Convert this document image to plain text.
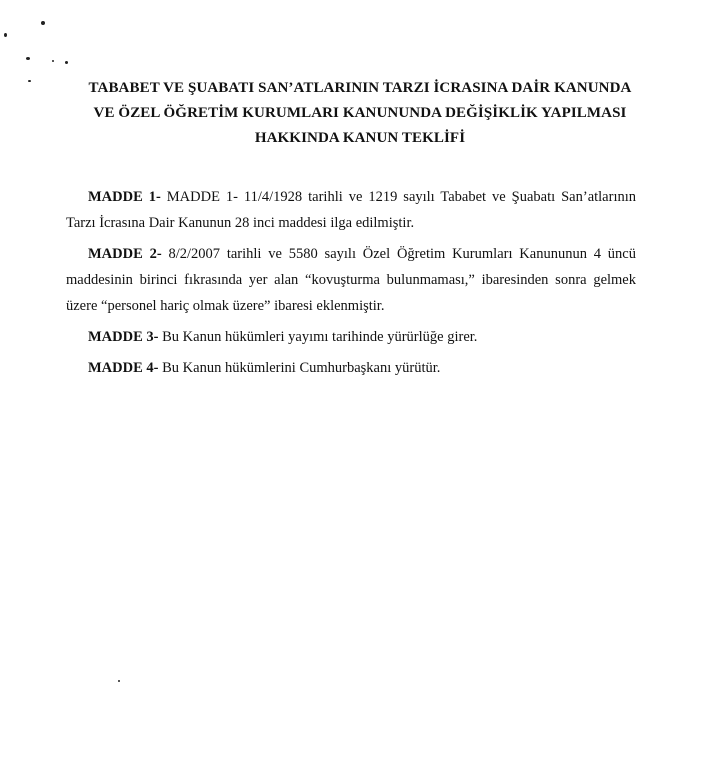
TABABET VE ŞUABATI SAN’ATLARININ TARZI İCRASINA DAİR KANUNDA
VE ÖZEL ÖĞRETİM KURUMLARI KANUNUNDA DEĞİŞİKLİK YAPILMASI
HAKKINDA KANUN TEKLİFİ

MADDE 1- MADDE 1- 11/4/1928 tarihli ve 1219 sayılı Tababet ve Şuabatı San’atlarının Tarzı İcrasına Dair Kanunun 28 inci maddesi ilga edilmiştir.

MADDE 2- 8/2/2007 tarihli ve 5580 sayılı Özel Öğretim Kurumları Kanununun 4 üncü maddesinin birinci fıkrasında yer alan “kovuşturma bulunmaması,” ibaresinden sonra gelmek üzere “personel hariç olmak üzere” ibaresi eklenmiştir.

MADDE 3- Bu Kanun hükümleri yayımı tarihinde yürürlüğe girer.

MADDE 4- Bu Kanun hükümlerini Cumhurbaşkanı yürütür.
